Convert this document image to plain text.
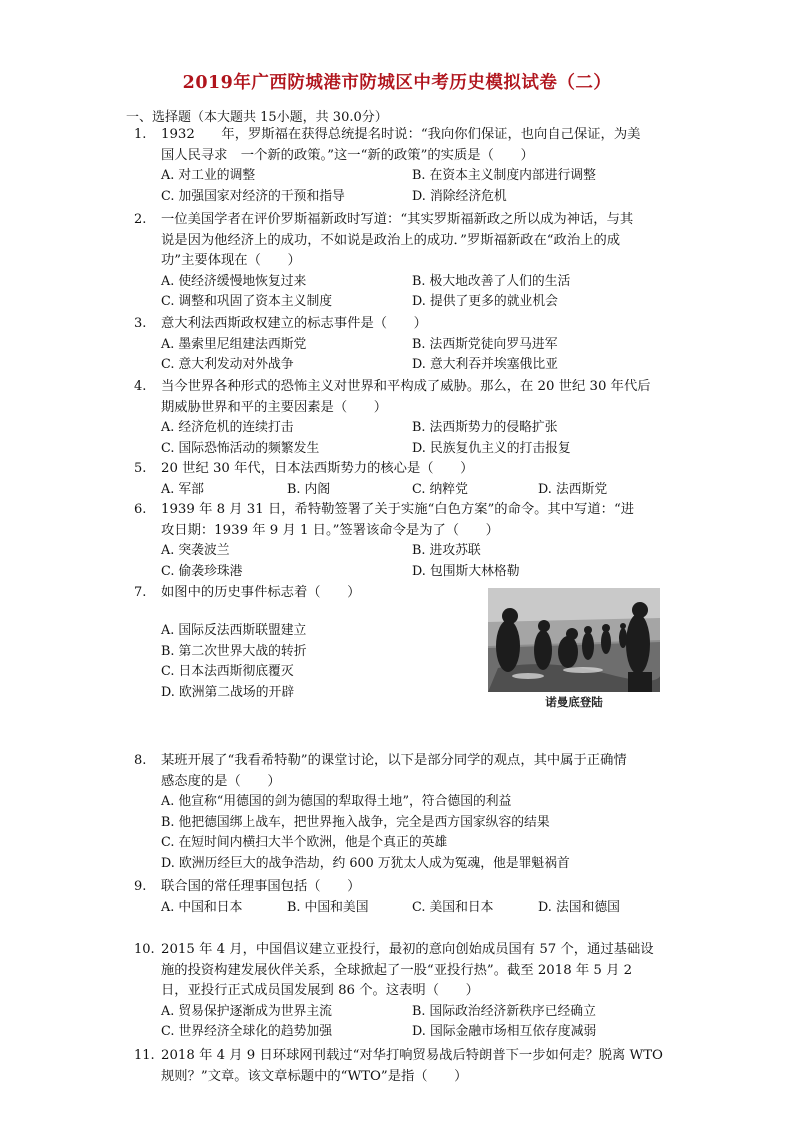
2019年广西防城港市防城区中考历史模拟试卷（二）
一、选择题（本大题共 15小题，共 30.0分）
1. 1932　　年，罗斯福在获得总统提名时说：“我向你们保证，也向自己保证，为美
国人民寻求　一个新的政策。”这一“新的政策”的实质是（　　）
A. 对工业的调整	B. 在资本主义制度内部进行调整
C. 加强国家对经济的干预和指导	D. 消除经济危机
2. 一位美国学者在评价罗斯福新政时写道：“其实罗斯福新政之所以成为神话，与其
说是因为他经济上的成功，不如说是政治上的成功．”罗斯福新政在“政治上的成
功”主要体现在（　　）
A. 使经济缓慢地恢复过来	B. 极大地改善了人们的生活
C. 调整和巩固了资本主义制度	D. 提供了更多的就业机会
3. 意大利法西斯政权建立的标志事件是（　　）
A. 墨索里尼组建法西斯党	B. 法西斯党徒向罗马进军
C. 意大利发动对外战争	D. 意大利吞并埃塞俄比亚
4. 当今世界各种形式的恐怖主义对世界和平构成了威胁。那么，在 20 世纪 30 年代后
期威胁世界和平的主要因素是（　　）
A. 经济危机的连续打击	B. 法西斯势力的侵略扩张
C. 国际恐怖活动的频繁发生	D. 民族复仇主义的打击报复
5. 20 世纪 30 年代，日本法西斯势力的核心是（　　）
A. 军部	B. 内阁	C. 纳粹党	D. 法西斯党
6. 1939 年 8 月 31 日，希特勒签署了关于实施“白色方案”的命令。其中写道：“进
攻日期：1939 年 9 月 1 日。”签署该命令是为了（　　）
A. 突袭波兰	B. 进攻苏联
C. 偷袭珍珠港	D. 包围斯大林格勒
7. 如图中的历史事件标志着（　　）
A. 国际反法西斯联盟建立
B. 第二次世界大战的转折
C. 日本法西斯彻底覆灭
D. 欧洲第二战场的开辟
8. 某班开展了“我看希特勒”的课堂讨论，以下是部分同学的观点，其中属于正确情
感态度的是（　　）
A. 他宣称“用德国的剑为德国的犁取得土地”，符合德国的利益
B. 他把德国绑上战车，把世界拖入战争，完全是西方国家纵容的结果
C. 在短时间内横扫大半个欧洲，他是个真正的英雄
D. 欧洲历经巨大的战争浩劫，约 600 万犹太人成为冤魂，他是罪魁祸首
9. 联合国的常任理事国包括（　　）
A. 中国和日本	B. 中国和美国	C. 美国和日本	D. 法国和德国
10. 2015 年 4 月，中国倡议建立亚投行，最初的意向创始成员国有 57 个，通过基础设
施的投资构建发展伙伴关系，全球掀起了一股“亚投行热”。截至 2018 年 5 月 2
日，亚投行正式成员国发展到 86 个。这表明（　　）
A. 贸易保护逐渐成为世界主流	B. 国际政治经济新秩序已经确立
C. 世界经济全球化的趋势加强	D. 国际金融市场相互依存度减弱
11. 2018 年 4 月 9 日环球网刊载过“对华打响贸易战后特朗普下一步如何走？脱离 WTO
规则？”文章。该文章标题中的“WTO”是指（　　）
诺曼底登陆
